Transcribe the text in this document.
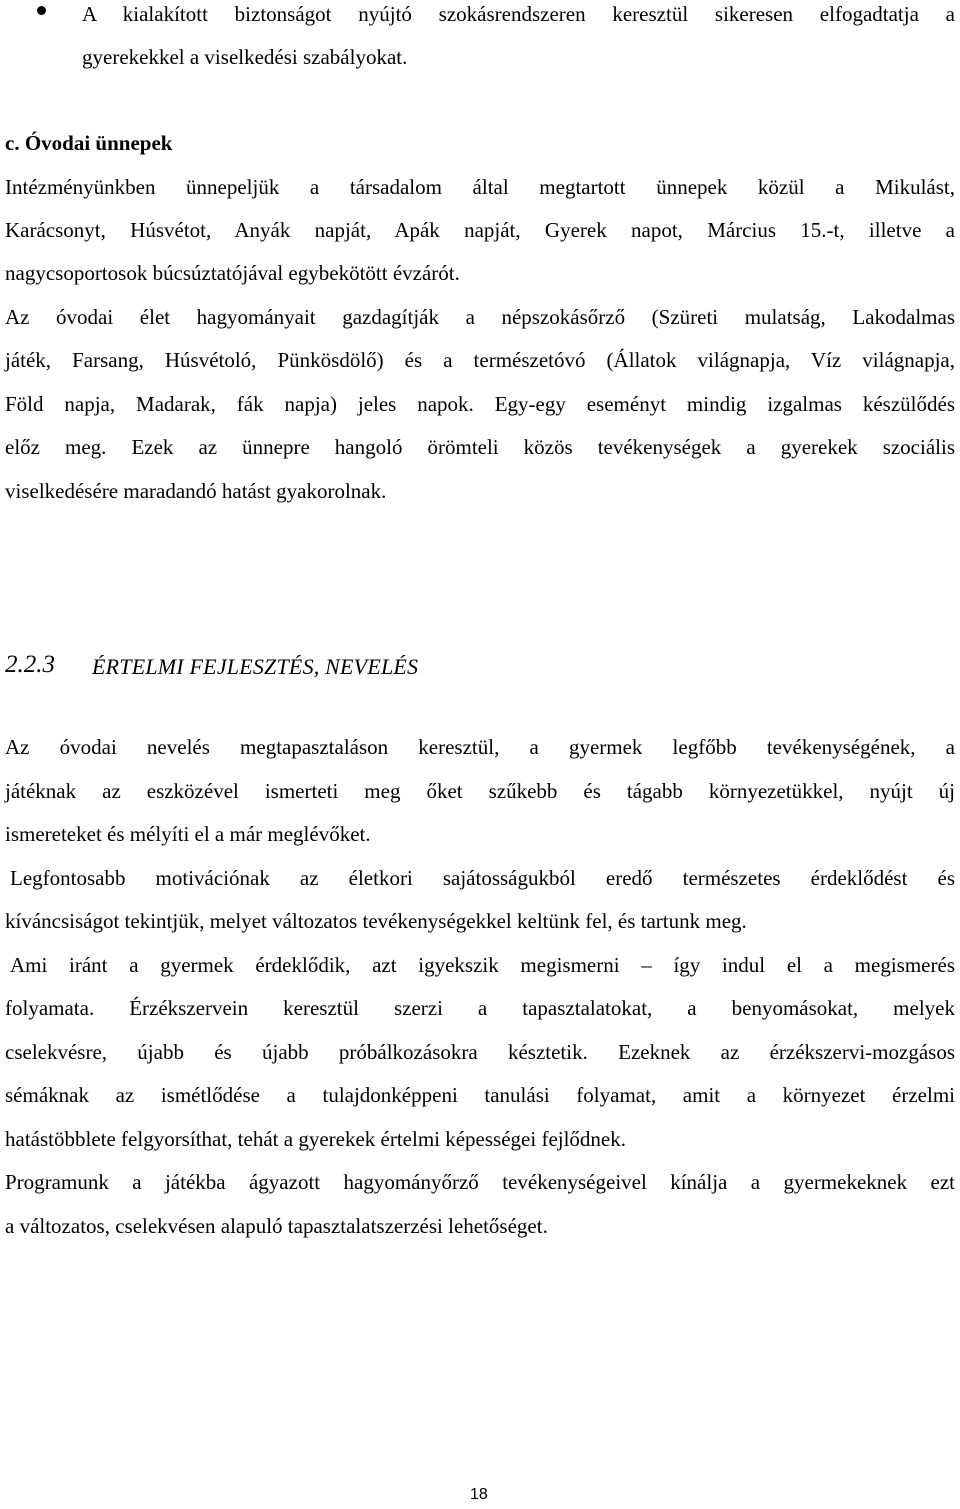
A kialakított biztonságot nyújtó szokásrendszeren keresztül sikeresen elfogadtatja a
gyerekekkel a viselkedési szabályokat.
c. Óvodai ünnepek
Intézményünkben ünnepeljük a társadalom által megtartott ünnepek közül a Mikulást,
Karácsonyt, Húsvétot, Anyák napját, Apák napját, Gyerek napot, Március 15.-t, illetve a
nagycsoportosok búcsúztatójával egybekötött évzárót.
Az óvodai élet hagyományait gazdagítják a népszokásőrző (Szüreti mulatság, Lakodalmas
játék, Farsang, Húsvétoló, Pünkösdölő) és a természetóvó (Állatok világnapja, Víz világnapja,
Föld napja, Madarak, fák napja) jeles napok. Egy-egy eseményt mindig izgalmas készülődés
előz meg. Ezek az ünnepre hangoló örömteli közös tevékenységek a gyerekek szociális
viselkedésére maradandó hatást gyakorolnak.
2.2.3 ÉRTELMI FEJLESZTÉS, NEVELÉS
Az óvodai nevelés megtapasztaláson keresztül, a gyermek legfőbb tevékenységének, a
játéknak az eszközével ismerteti meg őket szűkebb és tágabb környezetükkel, nyújt új
ismereteket és mélyíti el a már meglévőket.
Legfontosabb motivációnak az életkori sajátosságukból eredő természetes érdeklődést és
kíváncsiságot tekintjük, melyet változatos tevékenységekkel keltünk fel, és tartunk meg.
Ami iránt a gyermek érdeklődik, azt igyekszik megismerni – így indul el a megismerés
folyamata. Érzékszervein keresztül szerzi a tapasztalatokat, a benyomásokat, melyek
cselekvésre, újabb és újabb próbálkozásokra késztetik. Ezeknek az érzékszervi-mozgásos
sémáknak az ismétlődése a tulajdonképpeni tanulási folyamat, amit a környezet érzelmi
hatástöbblete felgyorsíthat, tehát a gyerekek értelmi képességei fejlődnek.
Programunk a játékba ágyazott hagyományőrző tevékenységeivel kínálja a gyermekeknek ezt
a változatos, cselekvésen alapuló tapasztalatszerzési lehetőséget.
18
